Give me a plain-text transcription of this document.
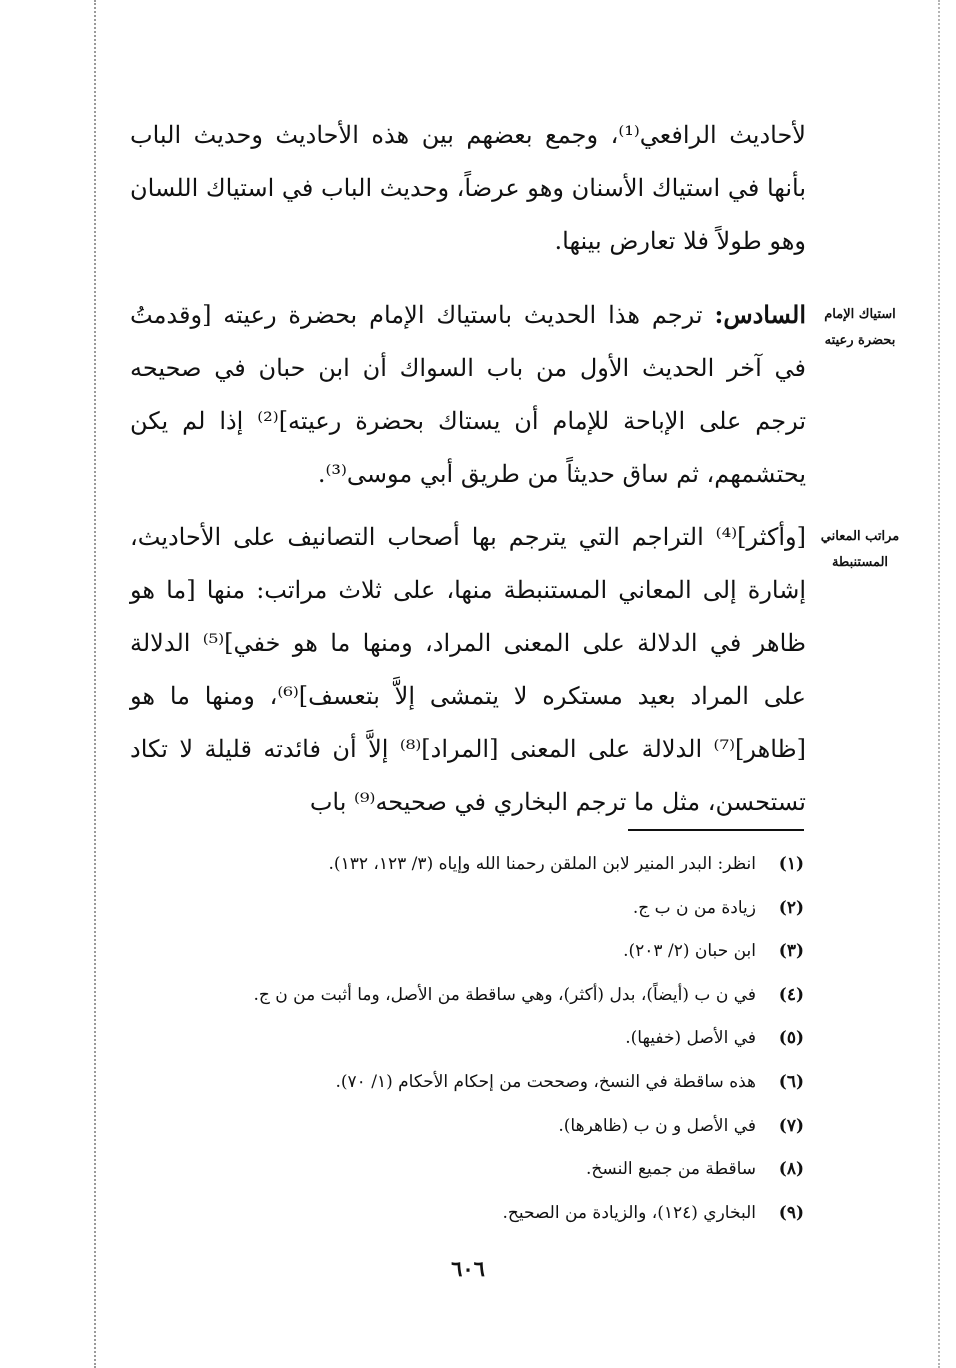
لأحاديث الرافعي⁽¹⁾، وجمع بعضهم بين هذه الأحاديث وحديث الباب بأنها في استياك الأسنان وهو عرضاً، وحديث الباب في استياك اللسان وهو طولاً فلا تعارض بينها.

السادس: ترجم هذا الحديث باستياك الإمام بحضرة رعيته [وقدمتُ في آخر الحديث الأول من باب السواك أن ابن حبان في صحيحه ترجم على الإباحة للإمام أن يستاك بحضرة رعيته]⁽²⁾ إذا لم يكن يحتشمهم، ثم ساق حديثاً من طريق أبي موسى⁽³⁾.

[وأكثر]⁽⁴⁾ التراجم التي يترجم بها أصحاب التصانيف على الأحاديث، إشارة إلى المعاني المستنبطة منها، على ثلاث مراتب: منها [ما هو ظاهر في الدلالة على المعنى المراد، ومنها ما هو خفي]⁽⁵⁾ الدلالة على المراد بعيد مستكره لا يتمشى إلاَّ بتعسف]⁽⁶⁾، ومنها ما هو [ظاهر]⁽⁷⁾ الدلالة على المعنى [المراد]⁽⁸⁾ إلاَّ أن فائدته قليلة لا تكاد تستحسن، مثل ما ترجم البخاري في صحيحه⁽⁹⁾ باب

استياك الإمام بحضرة رعيته
مراتب المعاني المستنبطة
(١)
انظر: البدر المنير لابن الملقن رحمنا الله وإياه (٣/ ١٢٣، ١٣٢).
(٢)
زيادة من ن ب ج.
(٣)
ابن حبان (٢/ ٢٠٣).
(٤)
في ن ب (أيضاً)، بدل (أكثر)، وهي ساقطة من الأصل، وما أثبت من ن ج.
(٥)
في الأصل (خفيها).
(٦)
هذه ساقطة في النسخ، وصححت من إحكام الأحكام (١/ ٧٠).
(٧)
في الأصل و ن ب (ظاهرها).
(٨)
ساقطة من جميع النسخ.
(٩)
البخاري (١٢٤)، والزيادة من الصحيح.
٦٠٦
